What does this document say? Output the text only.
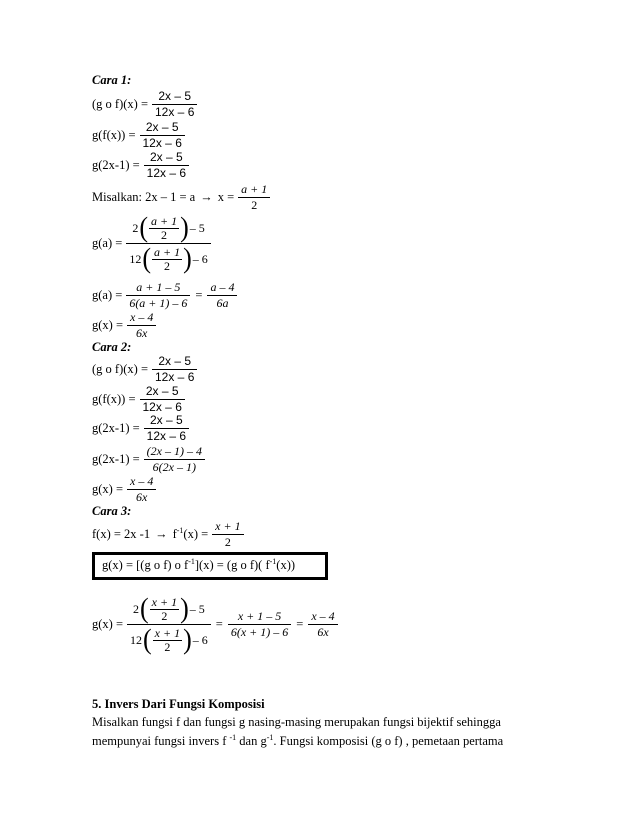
Cara 1:
(g o $f)(x) = \frac{2x - 5}{12x - 6}$
$g(f(x)) = \frac{2x - 5}{12x - 6}$
$g(2x-1) = \frac{2x - 5}{12x - 6}$
Misalkan: $2x - 1 = a \to x = \frac{a + 1}{2}$
g(a) =
2 ( $\frac{a + 1}{2}$ ) – 5
12 ( $\frac{a + 1}{2}$ ) – 6
$g(a) = \frac{a + 1 - 5}{6(a + 1) - 6} = \frac{a - 4}{6a}$
$g(x) = \frac{x - 4}{6x}$
Cara 2:
(g o $f)(x) = \frac{2x - 5}{12x - 6}$
$g(f(x)) = \frac{2x - 5}{12x - 6}$
$g(2x-1) = \frac{2x - 5}{12x - 6}$
$g(2x-1) = \frac{(2x - 1) - 4}{6(2x - 1)}$
$g(x) = \frac{x - 4}{6x}$
Cara 3:
f(x) = 2x $-1 \to f^{-1}(x) = \frac{x + 1}{2}$
g(x) = [(g o f) o $f^{-1}](x) = (g$ o f)( $f^{-1}(x)$)
g(x) =
2 ( $\frac{x + 1}{2}$ ) – 5
12 ( $\frac{x + 1}{2}$ ) – 6
= $\frac{x + 1 - 5}{6(x + 1) - 6} = \frac{x - 4}{6x}$
5. Invers Dari Fungsi Komposisi
Misalkan fungsi f dan fungsi g nasing-masing merupakan fungsi bijektif sehingga
mempunyai fungsi invers f $^{-1}$ dan $g^{-1}$. Fungsi komposisi (g o f) , pemetaan pertama
